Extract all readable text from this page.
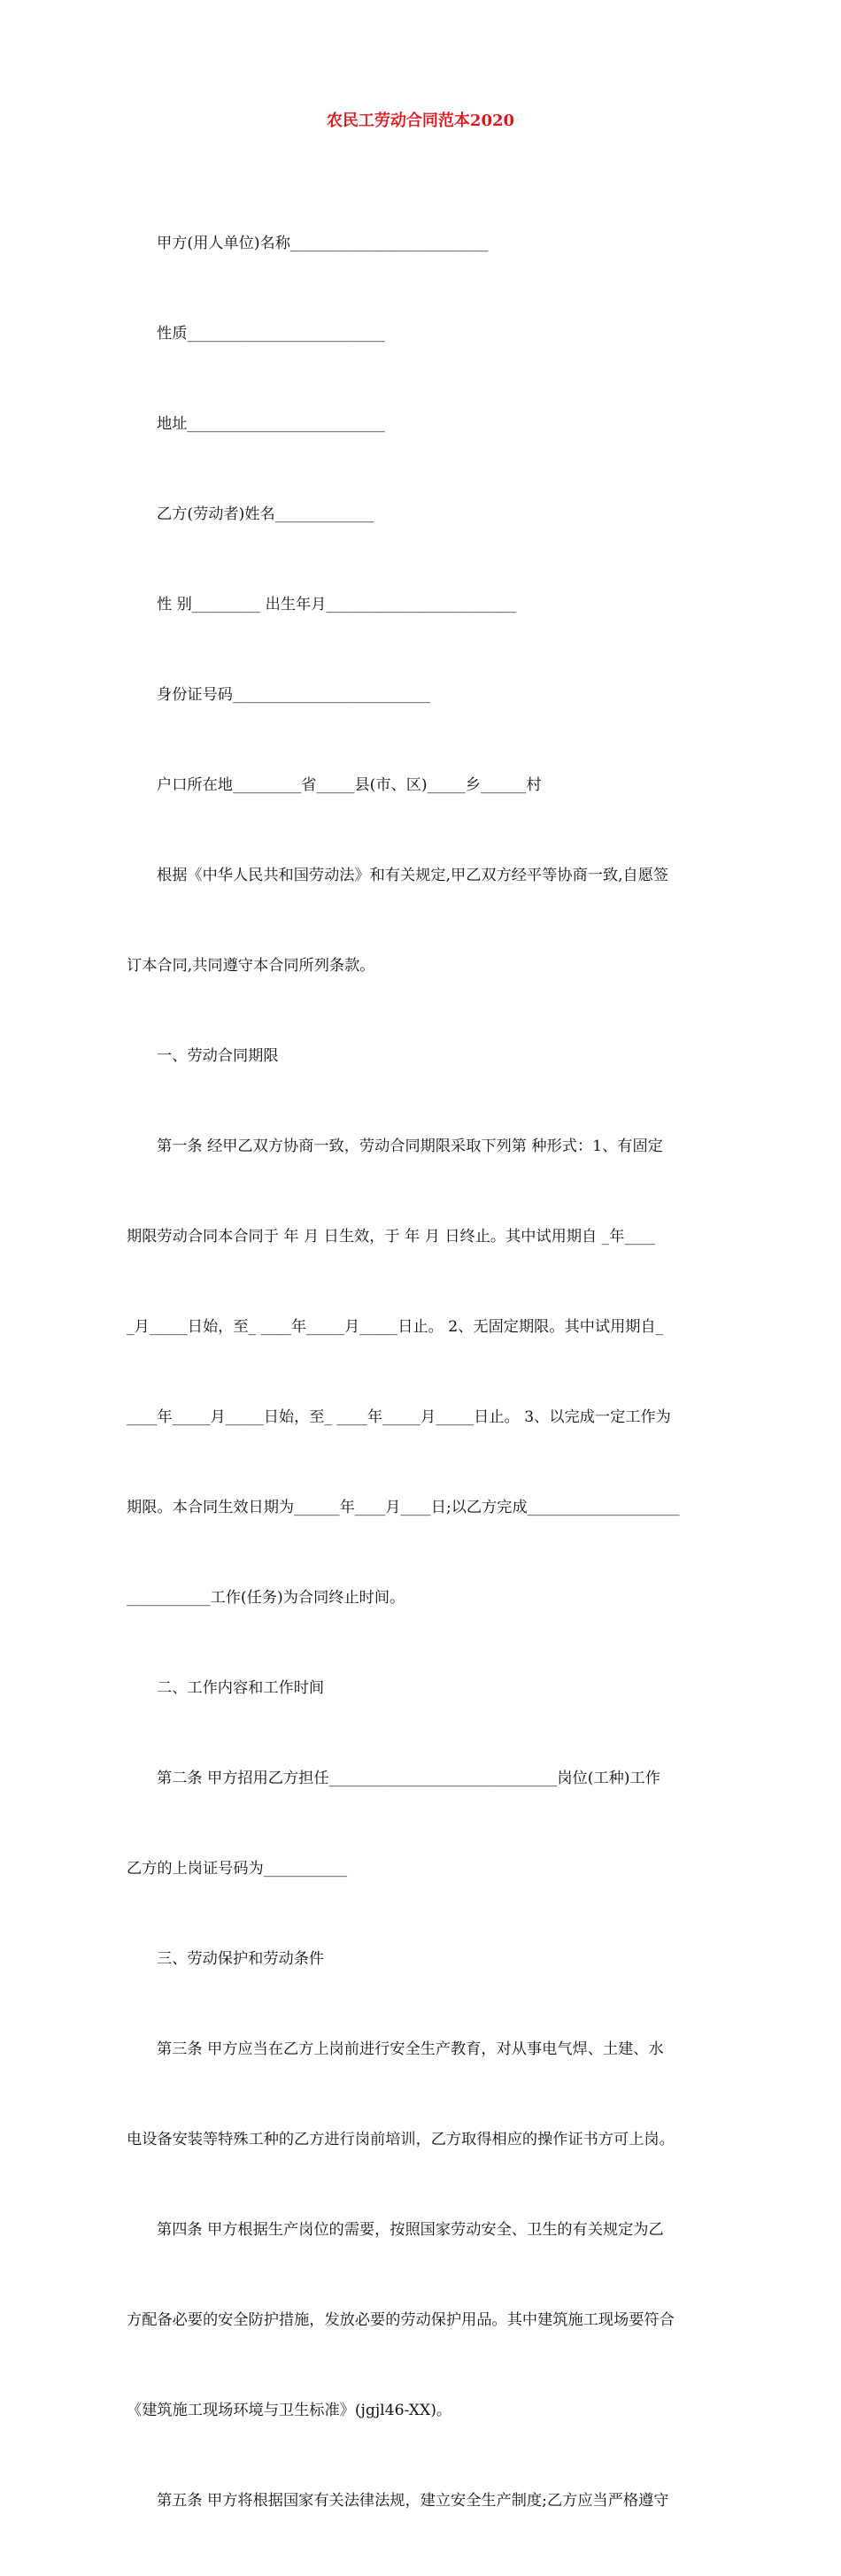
农民工劳动合同范本2020

甲方(用人单位)名称__________________________

性质__________________________

地址__________________________

乙方(劳动者)姓名_____________

性 别_________ 出生年月_________________________

身份证号码__________________________

户口所在地_________省_____县(市、区)_____乡______村

根据《中华人民共和国劳动法》和有关规定,甲乙双方经平等协商一致,自愿签

订本合同,共同遵守本合同所列条款。

一、劳动合同期限

第一条 经甲乙双方协商一致，劳动合同期限采取下列第 种形式：1、有固定

期限劳动合同本合同于 年 月 日生效，于 年 月 日终止。其中试用期自 _年____

_月_____日始，至_ ____年_____月_____日止。 2、无固定期限。其中试用期自_

____年_____月_____日始，至_ ____年_____月_____日止。 3、以完成一定工作为

期限。本合同生效日期为______年____月____日;以乙方完成____________________

___________工作(任务)为合同终止时间。

二、工作内容和工作时间

第二条 甲方招用乙方担任______________________________岗位(工种)工作

乙方的上岗证号码为___________

三、劳动保护和劳动条件

第三条 甲方应当在乙方上岗前进行安全生产教育，对从事电气焊、土建、水

电设备安装等特殊工种的乙方进行岗前培训，乙方取得相应的操作证书方可上岗。

第四条 甲方根据生产岗位的需要，按照国家劳动安全、卫生的有关规定为乙

方配备必要的安全防护措施，发放必要的劳动保护用品。其中建筑施工现场要符合

《建筑施工现场环境与卫生标准》(jgjl46-XX)。

第五条 甲方将根据国家有关法律法规，建立安全生产制度;乙方应当严格遵守
